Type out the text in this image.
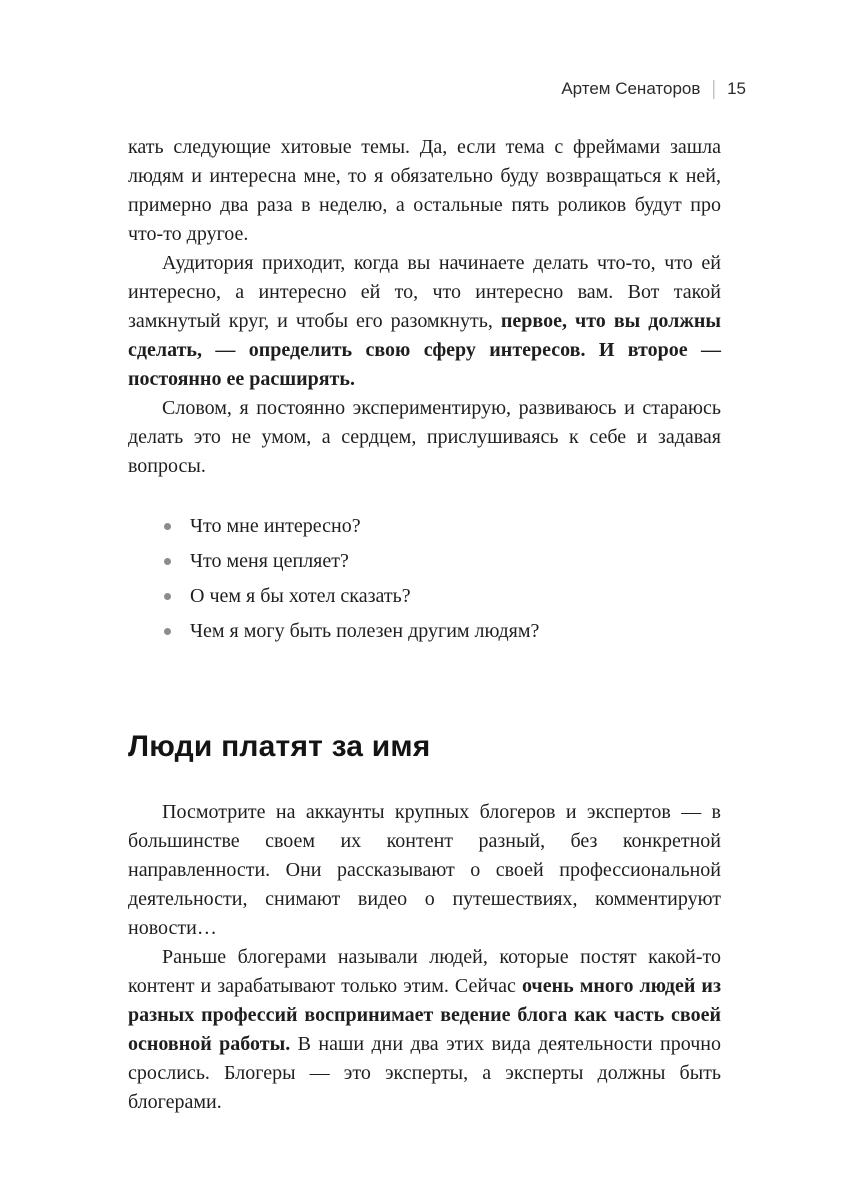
Артем Сенаторов | 15

кать следующие хитовые темы. Да, если тема с фреймами зашла людям и интересна мне, то я обязательно буду возвращаться к ней, примерно два раза в неделю, а остальные пять роликов будут про что-то другое.

Аудитория приходит, когда вы начинаете делать что-то, что ей интересно, а интересно ей то, что интересно вам. Вот такой замкнутый круг, и чтобы его разомкнуть, первое, что вы должны сделать, — определить свою сферу интересов. И второе — постоянно ее расширять.

Словом, я постоянно экспериментирую, развиваюсь и стараюсь делать это не умом, а сердцем, прислушиваясь к себе и задавая вопросы.

Что мне интересно?
Что меня цепляет?
О чем я бы хотел сказать?
Чем я могу быть полезен другим людям?
Люди платят за имя

Посмотрите на аккаунты крупных блогеров и экспертов — в большинстве своем их контент разный, без конкретной направленности. Они рассказывают о своей профессиональной деятельности, снимают видео о путешествиях, комментируют новости…

Раньше блогерами называли людей, которые постят какой-то контент и зарабатывают только этим. Сейчас очень много людей из разных профессий воспринимает ведение блога как часть своей основной работы. В наши дни два этих вида деятельности прочно срослись. Блогеры — это эксперты, а эксперты должны быть блогерами.
